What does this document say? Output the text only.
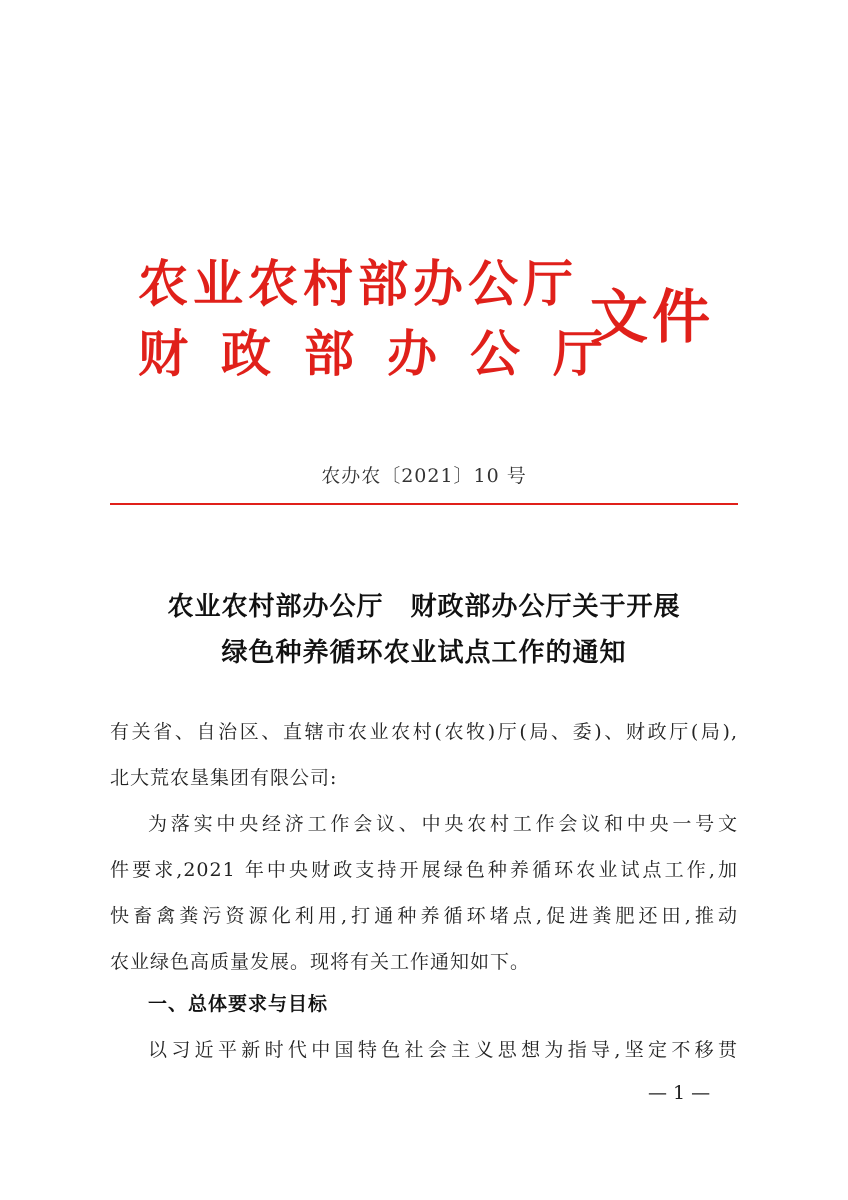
农业农村部办公厅
财政部办公厅
文件
农办农〔2021〕10 号
农业农村部办公厅　财政部办公厅关于开展
绿色种养循环农业试点工作的通知
有关省、自治区、直辖市农业农村(农牧)厅(局、委)、财政厅(局),
北大荒农垦集团有限公司:
为落实中央经济工作会议、中央农村工作会议和中央一号文
件要求,2021 年中央财政支持开展绿色种养循环农业试点工作,加
快畜禽粪污资源化利用,打通种养循环堵点,促进粪肥还田,推动
农业绿色高质量发展。现将有关工作通知如下。
一、总体要求与目标
以习近平新时代中国特色社会主义思想为指导,坚定不移贯
— 1 —
